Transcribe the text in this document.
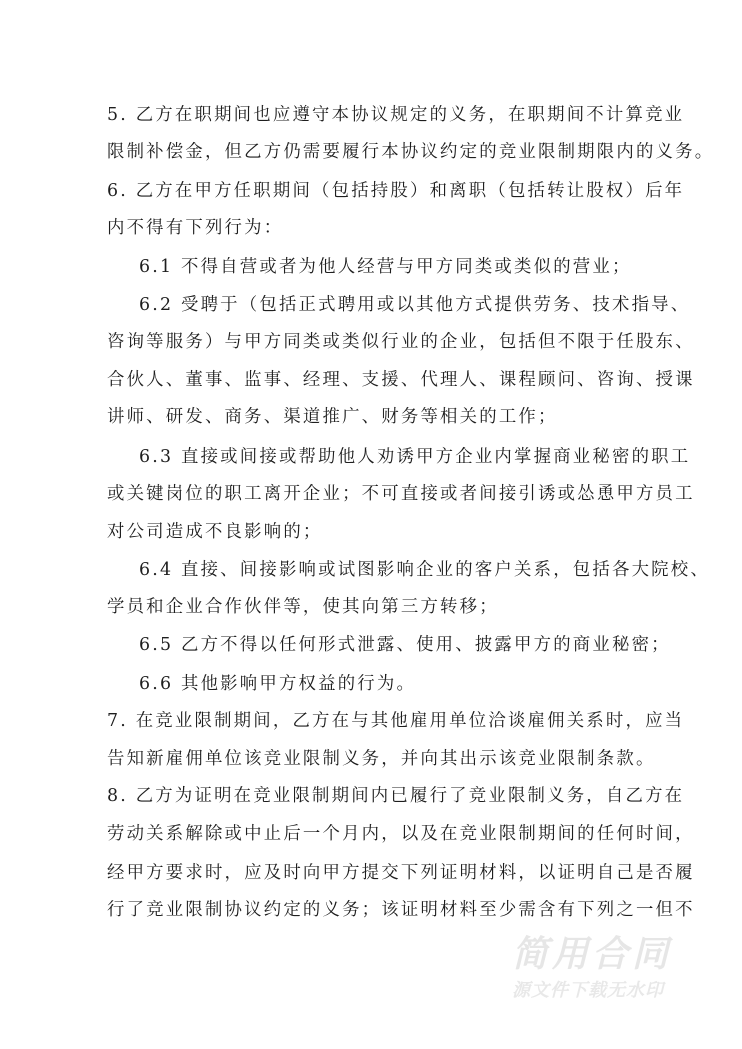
5. 乙方在职期间也应遵守本协议规定的义务，在职期间不计算竞业
限制补偿金，但乙方仍需要履行本协议约定的竞业限制期限内的义务。
6. 乙方在甲方任职期间（包括持股）和离职（包括转让股权）后年
内不得有下列行为：
6.1 不得自营或者为他人经营与甲方同类或类似的营业；
6.2 受聘于（包括正式聘用或以其他方式提供劳务、技术指导、
咨询等服务）与甲方同类或类似行业的企业，包括但不限于任股东、
合伙人、董事、监事、经理、支援、代理人、课程顾问、咨询、授课
讲师、研发、商务、渠道推广、财务等相关的工作；
6.3 直接或间接或帮助他人劝诱甲方企业内掌握商业秘密的职工
或关键岗位的职工离开企业；不可直接或者间接引诱或怂恿甲方员工
对公司造成不良影响的；
6.4 直接、间接影响或试图影响企业的客户关系，包括各大院校、
学员和企业合作伙伴等，使其向第三方转移；
6.5 乙方不得以任何形式泄露、使用、披露甲方的商业秘密；
6.6 其他影响甲方权益的行为。
7. 在竞业限制期间，乙方在与其他雇用单位洽谈雇佣关系时，应当
告知新雇佣单位该竞业限制义务，并向其出示该竞业限制条款。
8. 乙方为证明在竞业限制期间内已履行了竞业限制义务，自乙方在
劳动关系解除或中止后一个月内，以及在竞业限制期间的任何时间，
经甲方要求时，应及时向甲方提交下列证明材料，以证明自己是否履
行了竞业限制协议约定的义务；该证明材料至少需含有下列之一但不
简用合同
源文件下载无水印
